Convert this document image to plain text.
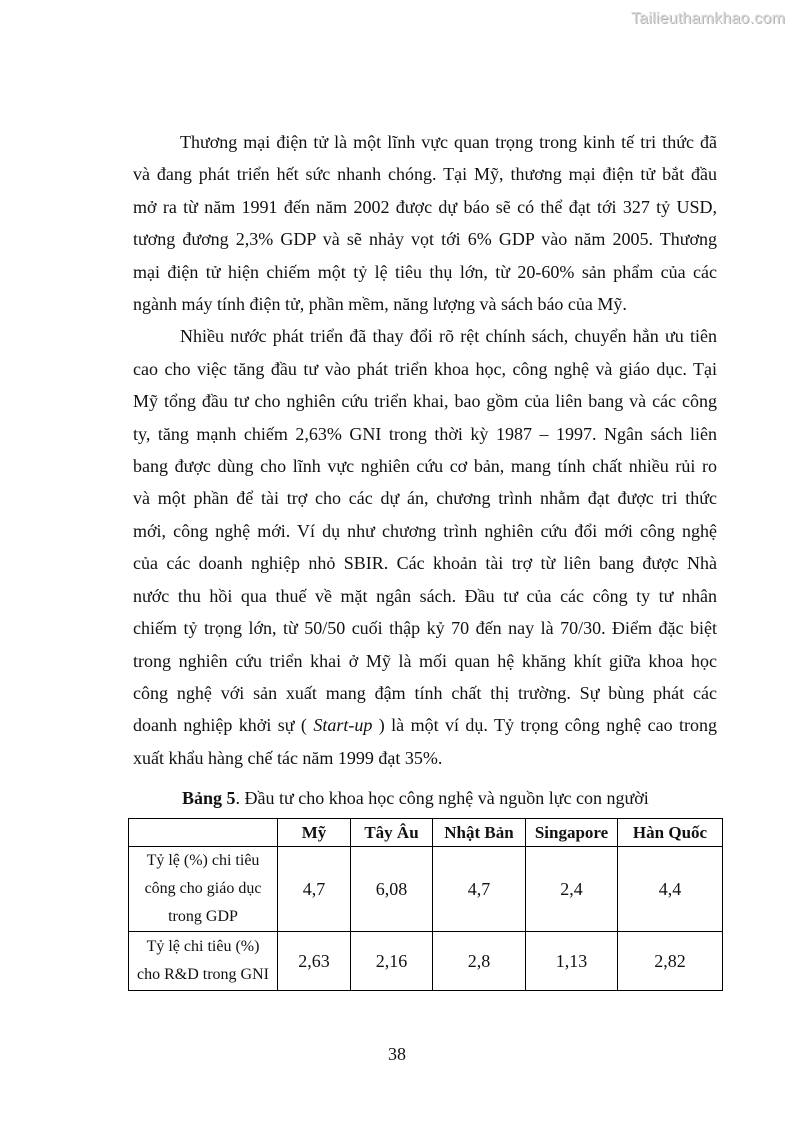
Tailieuthamkhao.com
Thương mại điện tử là một lĩnh vực quan trọng trong kinh tế tri thức đã
và đang phát triển hết sức nhanh chóng. Tại Mỹ, thương mại điện tử bắt đầu
mở ra từ năm 1991 đến năm 2002 được dự báo sẽ có thể đạt tới 327 tỷ USD,
tương đương 2,3% GDP và sẽ nhảy vọt tới 6% GDP vào năm 2005. Thương
mại điện tử hiện chiếm một tỷ lệ tiêu thụ lớn, từ 20-60% sản phẩm của các
ngành máy tính điện tử, phần mềm, năng lượng và sách báo của Mỹ.
Nhiều nước phát triển đã thay đổi rõ rệt chính sách, chuyển hẳn ưu tiên
cao cho việc tăng đầu tư vào phát triển khoa học, công nghệ và giáo dục. Tại
Mỹ tổng đầu tư cho nghiên cứu triển khai, bao gồm của liên bang và các công
ty, tăng mạnh chiếm 2,63% GNI trong thời kỳ 1987 – 1997. Ngân sách liên
bang được dùng cho lĩnh vực nghiên cứu cơ bản, mang tính chất nhiều rủi ro
và một phần để tài trợ cho các dự án, chương trình nhằm đạt được tri thức
mới, công nghệ mới. Ví dụ như chương trình nghiên cứu đổi mới công nghệ
của các doanh nghiệp nhỏ SBIR. Các khoản tài trợ từ liên bang được Nhà
nước thu hồi qua thuế về mặt ngân sách. Đầu tư của các công ty tư nhân
chiếm tỷ trọng lớn, từ 50/50 cuối thập kỷ 70 đến nay là 70/30. Điểm đặc biệt
trong nghiên cứu triển khai ở Mỹ là mối quan hệ khăng khít giữa khoa học
công nghệ với sản xuất mang đậm tính chất thị trường. Sự bùng phát các
doanh nghiệp khởi sự ( Start-up ) là một ví dụ. Tỷ trọng công nghệ cao trong
xuất khẩu hàng chế tác năm 1999 đạt 35%.
Bảng 5. Đầu tư cho khoa học công nghệ và nguồn lực con người
	Mỹ	Tây Âu	Nhật Bản	Singapore	Hàn Quốc

Tỷ lệ (%) chi tiêu
công cho giáo dục
trong GDP	4,7	6,08	4,7	2,4	4,4

Tỷ lệ chi tiêu (%)
cho R&D trong GNI	2,63	2,16	2,8	1,13	2,82
38
